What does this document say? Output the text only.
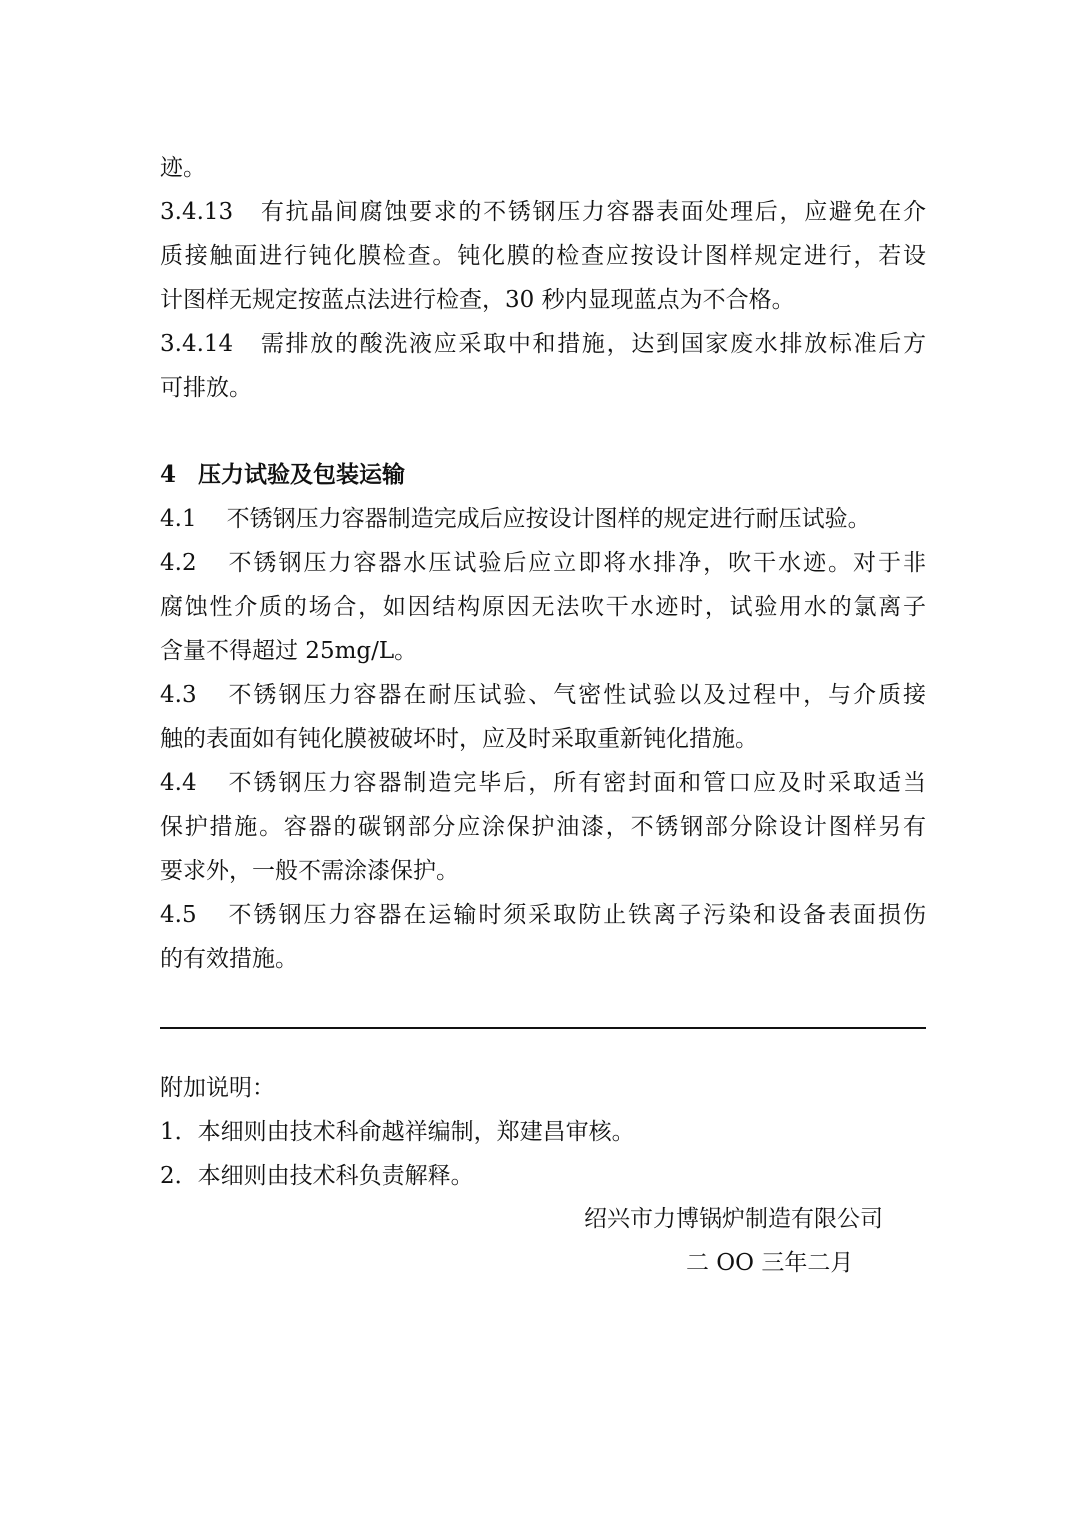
迹。
3.4.13 有抗晶间腐蚀要求的不锈钢压力容器表面处理后，应避免在介
质接触面进行钝化膜检查。钝化膜的检查应按设计图样规定进行，若设
计图样无规定按蓝点法进行检查，30 秒内显现蓝点为不合格。
3.4.14 需排放的酸洗液应采取中和措施，达到国家废水排放标准后方
可排放。
4 压力试验及包装运输
4.1 不锈钢压力容器制造完成后应按设计图样的规定进行耐压试验。
4.2 不锈钢压力容器水压试验后应立即将水排净，吹干水迹。对于非
腐蚀性介质的场合，如因结构原因无法吹干水迹时，试验用水的氯离子
含量不得超过 25mg/L。
4.3 不锈钢压力容器在耐压试验、气密性试验以及过程中，与介质接
触的表面如有钝化膜被破坏时，应及时采取重新钝化措施。
4.4 不锈钢压力容器制造完毕后，所有密封面和管口应及时采取适当
保护措施。容器的碳钢部分应涂保护油漆，不锈钢部分除设计图样另有
要求外，一般不需涂漆保护。
4.5 不锈钢压力容器在运输时须采取防止铁离子污染和设备表面损伤
的有效措施。
附加说明：
1．本细则由技术科俞越祥编制，郑建昌审核。
2．本细则由技术科负责解释。
绍兴市力博锅炉制造有限公司
二 OO 三年二月
